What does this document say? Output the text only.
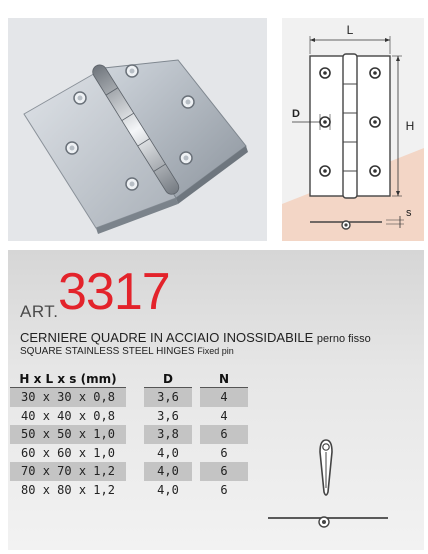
L
H
D
s
ART. 3317
CERNIERE QUADRE IN ACCIAIO INOSSIDABILE perno fisso
SQUARE STAINLESS STEEL HINGES Fixed pin
H x L x s (mm)
30 x 30 x 0,8
40 x 40 x 0,8
50 x 50 x 1,0
60 x 60 x 1,0
70 x 70 x 1,2
80 x 80 x 1,2
D
3,6
3,6
3,8
4,0
4,0
4,0
N
4
4
6
6
6
6
